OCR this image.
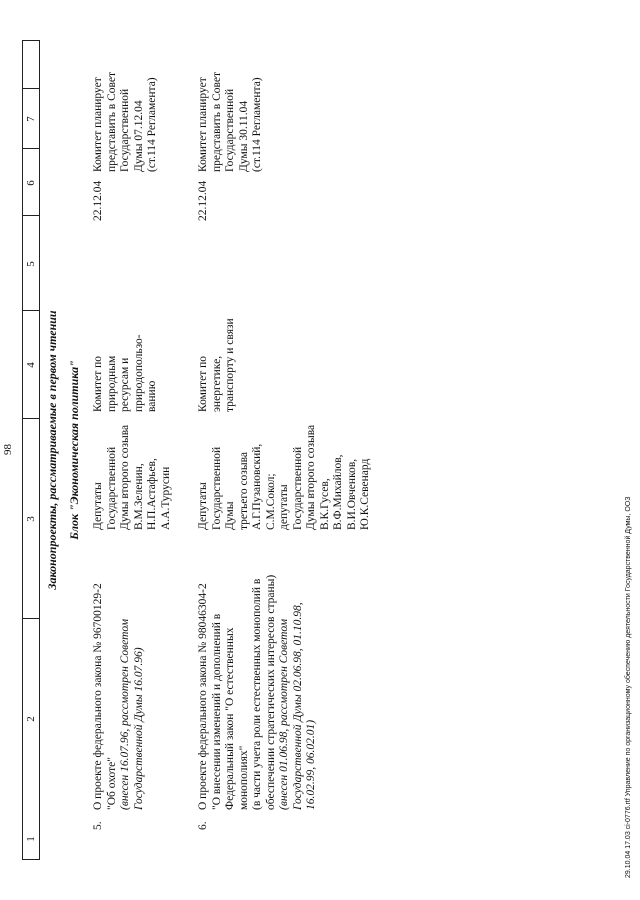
98
1
2
3
4
5
6
7
Законопроекты, рассматриваемые в первом чтении Блок "Экономическая политика"
5.
О проекте федерального закона № 96700129-2
"Об охоте"
(внесен 16.07.96, рассмотрен Советом
Государственной Думы 16.07.96)
Депутаты
Государственной
Думы второго созыва
В.М.Зеленин,
Н.П.Астафьев,
А.А.Турусин
Комитет по
природным
ресурсам и
природопользо-
ванию
22.12.04
Комитет планирует
представить в Совет
Государственной
Думы 07.12.04
(ст.114 Регламента)
6.
О проекте федерального закона № 98046304-2
"О внесении изменений и дополнений в
Федеральный закон "О естественных
монополиях"
(в части учета роли естественных монополий в
обеспечении стратегических интересов страны)
(внесен 01.06.98, рассмотрен Советом
Государственной Думы 02.06.98, 01.10.98,
16.02.99, 06.02.01)
Депутаты
Государственной
Думы
третьего созыва
А.Г.Пузановский,
С.М.Сокол;
депутаты
Государственной
Думы второго созыва
В.К.Гусев,
В.Ф.Михайлов,
В.И.Овченков,
Ю.К.Севенард
Комитет по
энергетике,
транспорту и связи
22.12.04
Комитет планирует
представить в Совет
Государственной
Думы 30.11.04
(ст.114 Регламента)
29.10.04 17.03 сі-0776.rtf Управление по организационному обеспечению деятельности Государственной Думы, ООЗ
